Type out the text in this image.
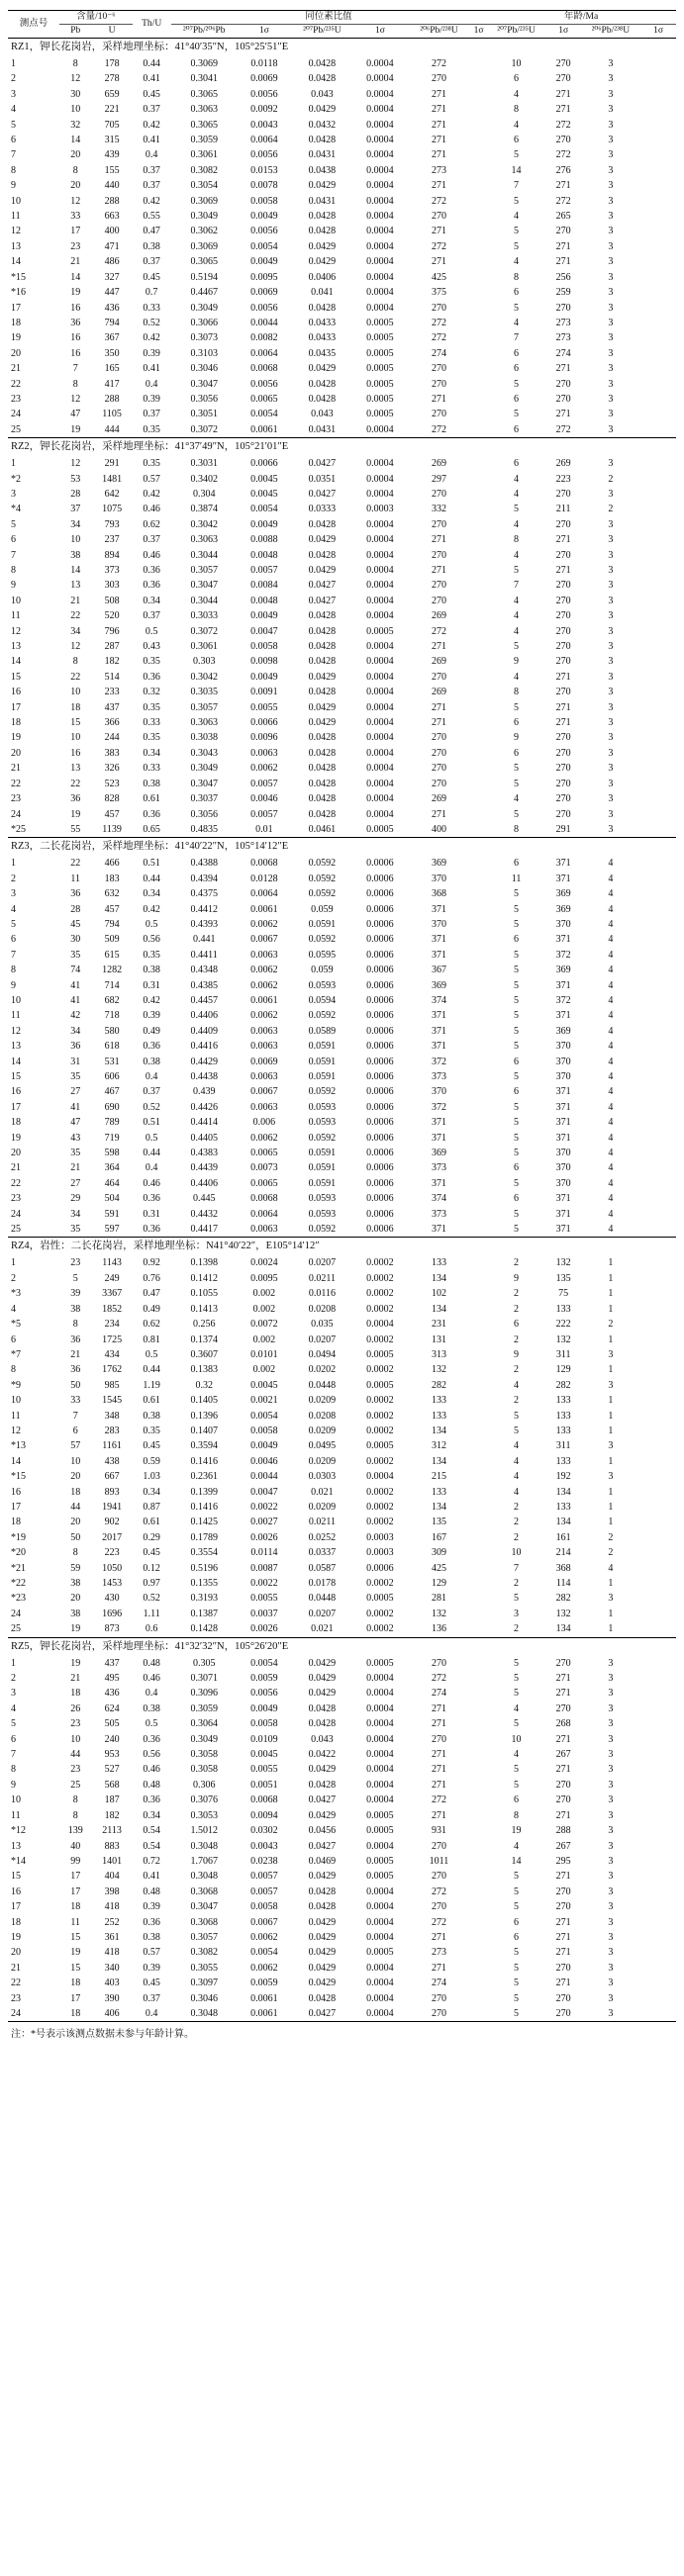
测点号	含量/10⁻⁶		Th/U	同位素比值						年龄/Ma			
	Pb	U		²⁰⁷Pb/²⁰⁶Pb	1σ	²⁰⁷Pb/²³⁵U	1σ	²⁰⁶Pb/²³⁸U	1σ	²⁰⁷Pb/²³⁵U	1σ	²⁰⁶Pb/²³⁸U	1σ
RZ1，钾长花岗岩，采样地理坐标：41°40′35″N，105°25′51″E													
1	8	178	0.44	0.3069	0.0118	0.0428	0.0004	272		10	270	3	
2	12	278	0.41	0.3041	0.0069	0.0428	0.0004	270		6	270	3	
3	30	659	0.45	0.3065	0.0056	0.043	0.0004	271		4	271	3	
4	10	221	0.37	0.3063	0.0092	0.0429	0.0004	271		8	271	3	
5	32	705	0.42	0.3065	0.0043	0.0432	0.0004	271		4	272	3	
6	14	315	0.41	0.3059	0.0064	0.0428	0.0004	271		6	270	3	
7	20	439	0.4	0.3061	0.0056	0.0431	0.0004	271		5	272	3	
8	8	155	0.37	0.3082	0.0153	0.0438	0.0004	273		14	276	3	
9	20	440	0.37	0.3054	0.0078	0.0429	0.0004	271		7	271	3	
10	12	288	0.42	0.3069	0.0058	0.0431	0.0004	272		5	272	3	
11	33	663	0.55	0.3049	0.0049	0.0428	0.0004	270		4	265	3	
12	17	400	0.47	0.3062	0.0056	0.0428	0.0004	271		5	270	3	
13	23	471	0.38	0.3069	0.0054	0.0429	0.0004	272		5	271	3	
14	21	486	0.37	0.3065	0.0049	0.0429	0.0004	271		4	271	3	
*15	14	327	0.45	0.5194	0.0095	0.0406	0.0004	425		8	256	3	
*16	19	447	0.7	0.4467	0.0069	0.041	0.0004	375		6	259	3	
17	16	436	0.33	0.3049	0.0056	0.0428	0.0004	270		5	270	3	
18	36	794	0.52	0.3066	0.0044	0.0433	0.0005	272		4	273	3	
19	16	367	0.42	0.3073	0.0082	0.0433	0.0005	272		7	273	3	
20	16	350	0.39	0.3103	0.0064	0.0435	0.0005	274		6	274	3	
21	7	165	0.41	0.3046	0.0068	0.0429	0.0005	270		6	271	3	
22	8	417	0.4	0.3047	0.0056	0.0428	0.0005	270		5	270	3	
23	12	288	0.39	0.3056	0.0065	0.0428	0.0005	271		6	270	3	
24	47	1105	0.37	0.3051	0.0054	0.043	0.0005	270		5	271	3	
25	19	444	0.35	0.3072	0.0061	0.0431	0.0004	272		6	272	3	
RZ2，钾长花岗岩，采样地理坐标：41°37′49″N，105°21′01″E													
1	12	291	0.35	0.3031	0.0066	0.0427	0.0004	269		6	269	3	
*2	53	1481	0.57	0.3402	0.0045	0.0351	0.0004	297		4	223	2	
3	28	642	0.42	0.304	0.0045	0.0427	0.0004	270		4	270	3	
*4	37	1075	0.46	0.3874	0.0054	0.0333	0.0003	332		5	211	2	
5	34	793	0.62	0.3042	0.0049	0.0428	0.0004	270		4	270	3	
6	10	237	0.37	0.3063	0.0088	0.0429	0.0004	271		8	271	3	
7	38	894	0.46	0.3044	0.0048	0.0428	0.0004	270		4	270	3	
8	14	373	0.36	0.3057	0.0057	0.0429	0.0004	271		5	271	3	
9	13	303	0.36	0.3047	0.0084	0.0427	0.0004	270		7	270	3	
10	21	508	0.34	0.3044	0.0048	0.0427	0.0004	270		4	270	3	
11	22	520	0.37	0.3033	0.0049	0.0428	0.0004	269		4	270	3	
12	34	796	0.5	0.3072	0.0047	0.0428	0.0005	272		4	270	3	
13	12	287	0.43	0.3061	0.0058	0.0428	0.0004	271		5	270	3	
14	8	182	0.35	0.303	0.0098	0.0428	0.0004	269		9	270	3	
15	22	514	0.36	0.3042	0.0049	0.0429	0.0004	270		4	271	3	
16	10	233	0.32	0.3035	0.0091	0.0428	0.0004	269		8	270	3	
17	18	437	0.35	0.3057	0.0055	0.0429	0.0004	271		5	271	3	
18	15	366	0.33	0.3063	0.0066	0.0429	0.0004	271		6	271	3	
19	10	244	0.35	0.3038	0.0096	0.0428	0.0004	270		9	270	3	
20	16	383	0.34	0.3043	0.0063	0.0428	0.0004	270		6	270	3	
21	13	326	0.33	0.3049	0.0062	0.0428	0.0004	270		5	270	3	
22	22	523	0.38	0.3047	0.0057	0.0428	0.0004	270		5	270	3	
23	36	828	0.61	0.3037	0.0046	0.0428	0.0004	269		4	270	3	
24	19	457	0.36	0.3056	0.0057	0.0428	0.0004	271		5	270	3	
*25	55	1139	0.65	0.4835	0.01	0.0461	0.0005	400		8	291	3	
RZ3，二长花岗岩，采样地理坐标：41°40′22″N，105°14′12″E													
1	22	466	0.51	0.4388	0.0068	0.0592	0.0006	369		6	371	4	
2	11	183	0.44	0.4394	0.0128	0.0592	0.0006	370		11	371	4	
3	36	632	0.34	0.4375	0.0064	0.0592	0.0006	368		5	369	4	
4	28	457	0.42	0.4412	0.0061	0.059	0.0006	371		5	369	4	
5	45	794	0.5	0.4393	0.0062	0.0591	0.0006	370		5	370	4	
6	30	509	0.56	0.441	0.0067	0.0592	0.0006	371		6	371	4	
7	35	615	0.35	0.4411	0.0063	0.0595	0.0006	371		5	372	4	
8	74	1282	0.38	0.4348	0.0062	0.059	0.0006	367		5	369	4	
9	41	714	0.31	0.4385	0.0062	0.0593	0.0006	369		5	371	4	
10	41	682	0.42	0.4457	0.0061	0.0594	0.0006	374		5	372	4	
11	42	718	0.39	0.4406	0.0062	0.0592	0.0006	371		5	371	4	
12	34	580	0.49	0.4409	0.0063	0.0589	0.0006	371		5	369	4	
13	36	618	0.36	0.4416	0.0063	0.0591	0.0006	371		5	370	4	
14	31	531	0.38	0.4429	0.0069	0.0591	0.0006	372		6	370	4	
15	35	606	0.4	0.4438	0.0063	0.0591	0.0006	373		5	370	4	
16	27	467	0.37	0.439	0.0067	0.0592	0.0006	370		6	371	4	
17	41	690	0.52	0.4426	0.0063	0.0593	0.0006	372		5	371	4	
18	47	789	0.51	0.4414	0.006	0.0593	0.0006	371		5	371	4	
19	43	719	0.5	0.4405	0.0062	0.0592	0.0006	371		5	371	4	
20	35	598	0.44	0.4383	0.0065	0.0591	0.0006	369		5	370	4	
21	21	364	0.4	0.4439	0.0073	0.0591	0.0006	373		6	370	4	
22	27	464	0.46	0.4406	0.0065	0.0591	0.0006	371		5	370	4	
23	29	504	0.36	0.445	0.0068	0.0593	0.0006	374		6	371	4	
24	34	591	0.31	0.4432	0.0064	0.0593	0.0006	373		5	371	4	
25	35	597	0.36	0.4417	0.0063	0.0592	0.0006	371		5	371	4	
RZ4，岩性：二长花岗岩，采样地理坐标：N41°40′22″，E105°14′12″													
1	23	1143	0.92	0.1398	0.0024	0.0207	0.0002	133		2	132	1	
2	5	249	0.76	0.1412	0.0095	0.0211	0.0002	134		9	135	1	
*3	39	3367	0.47	0.1055	0.002	0.0116	0.0002	102		2	75	1	
4	38	1852	0.49	0.1413	0.002	0.0208	0.0002	134		2	133	1	
*5	8	234	0.62	0.256	0.0072	0.035	0.0004	231		6	222	2	
6	36	1725	0.81	0.1374	0.002	0.0207	0.0002	131		2	132	1	
*7	21	434	0.5	0.3607	0.0101	0.0494	0.0005	313		9	311	3	
8	36	1762	0.44	0.1383	0.002	0.0202	0.0002	132		2	129	1	
*9	50	985	1.19	0.32	0.0045	0.0448	0.0005	282		4	282	3	
10	33	1545	0.61	0.1405	0.0021	0.0209	0.0002	133		2	133	1	
11	7	348	0.38	0.1396	0.0054	0.0208	0.0002	133		5	133	1	
12	6	283	0.35	0.1407	0.0058	0.0209	0.0002	134		5	133	1	
*13	57	1161	0.45	0.3594	0.0049	0.0495	0.0005	312		4	311	3	
14	10	438	0.59	0.1416	0.0046	0.0209	0.0002	134		4	133	1	
*15	20	667	1.03	0.2361	0.0044	0.0303	0.0004	215		4	192	3	
16	18	893	0.34	0.1399	0.0047	0.021	0.0002	133		4	134	1	
17	44	1941	0.87	0.1416	0.0022	0.0209	0.0002	134		2	133	1	
18	20	902	0.61	0.1425	0.0027	0.0211	0.0002	135		2	134	1	
*19	50	2017	0.29	0.1789	0.0026	0.0252	0.0003	167		2	161	2	
*20	8	223	0.45	0.3554	0.0114	0.0337	0.0003	309		10	214	2	
*21	59	1050	0.12	0.5196	0.0087	0.0587	0.0006	425		7	368	4	
*22	38	1453	0.97	0.1355	0.0022	0.0178	0.0002	129		2	114	1	
*23	20	430	0.52	0.3193	0.0055	0.0448	0.0005	281		5	282	3	
24	38	1696	1.11	0.1387	0.0037	0.0207	0.0002	132		3	132	1	
25	19	873	0.6	0.1428	0.0026	0.021	0.0002	136		2	134	1	
RZ5，钾长花岗岩，采样地理坐标：41°32′32″N，105°26′20″E													
1	19	437	0.48	0.305	0.0054	0.0429	0.0005	270		5	270	3	
2	21	495	0.46	0.3071	0.0059	0.0429	0.0004	272		5	271	3	
3	18	436	0.4	0.3096	0.0056	0.0429	0.0004	274		5	271	3	
4	26	624	0.38	0.3059	0.0049	0.0428	0.0004	271		4	270	3	
5	23	505	0.5	0.3064	0.0058	0.0428	0.0004	271		5	268	3	
6	10	240	0.36	0.3049	0.0109	0.043	0.0004	270		10	271	3	
7	44	953	0.56	0.3058	0.0045	0.0422	0.0004	271		4	267	3	
8	23	527	0.46	0.3058	0.0055	0.0429	0.0004	271		5	271	3	
9	25	568	0.48	0.306	0.0051	0.0428	0.0004	271		5	270	3	
10	8	187	0.36	0.3076	0.0068	0.0427	0.0004	272		6	270	3	
11	8	182	0.34	0.3053	0.0094	0.0429	0.0005	271		8	271	3	
*12	139	2113	0.54	1.5012	0.0302	0.0456	0.0005	931		19	288	3	
13	40	883	0.54	0.3048	0.0043	0.0427	0.0004	270		4	267	3	
*14	99	1401	0.72	1.7067	0.0238	0.0469	0.0005	1011		14	295	3	
15	17	404	0.41	0.3048	0.0057	0.0429	0.0005	270		5	271	3	
16	17	398	0.48	0.3068	0.0057	0.0428	0.0004	272		5	270	3	
17	18	418	0.39	0.3047	0.0058	0.0428	0.0004	270		5	270	3	
18	11	252	0.36	0.3068	0.0067	0.0429	0.0004	272		6	271	3	
19	15	361	0.38	0.3057	0.0062	0.0429	0.0004	271		6	271	3	
20	19	418	0.57	0.3082	0.0054	0.0429	0.0005	273		5	271	3	
21	15	340	0.39	0.3055	0.0062	0.0429	0.0004	271		5	270	3	
22	18	403	0.45	0.3097	0.0059	0.0429	0.0004	274		5	271	3	
23	17	390	0.37	0.3046	0.0061	0.0428	0.0004	270		5	270	3	
24	18	406	0.4	0.3048	0.0061	0.0427	0.0004	270		5	270	3	
注：*号表示该测点数据未参与年龄计算。
